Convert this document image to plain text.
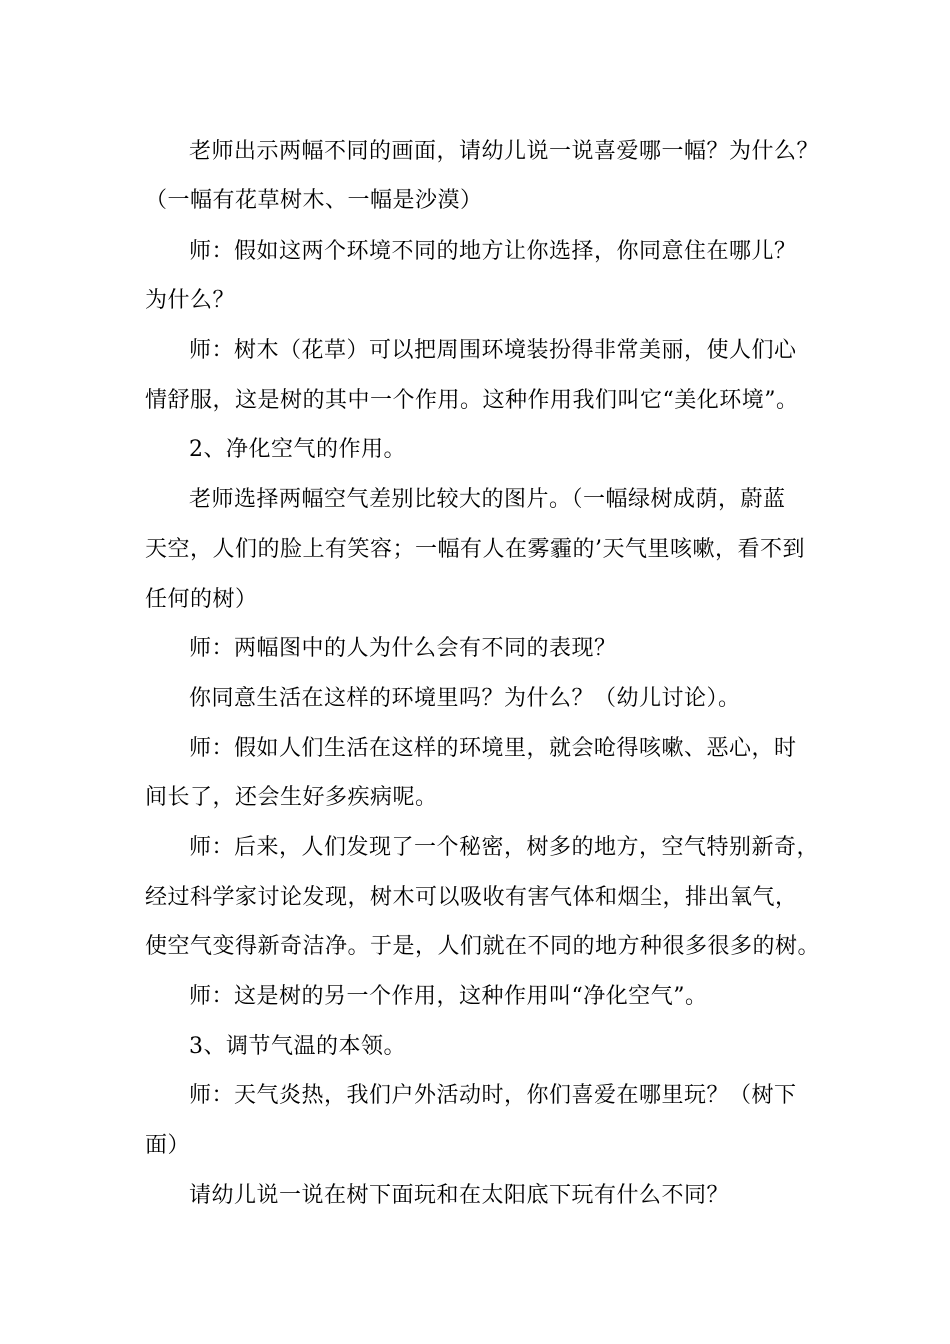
老师出示两幅不同的画面，请幼儿说一说喜爱哪一幅？为什么？
（一幅有花草树木、一幅是沙漠）
师：假如这两个环境不同的地方让你选择，你同意住在哪儿？
为什么？
师：树木（花草）可以把周围环境装扮得非常美丽，使人们心
情舒服，这是树的其中一个作用。这种作用我们叫它“美化环境”。
2、净化空气的作用。
老师选择两幅空气差别比较大的图片。（一幅绿树成荫，蔚蓝
天空，人们的脸上有笑容；一幅有人在雾霾的’天气里咳嗽，看不到
任何的树）
师：两幅图中的人为什么会有不同的表现？
你同意生活在这样的环境里吗？为什么？（幼儿讨论）。
师：假如人们生活在这样的环境里，就会呛得咳嗽、恶心，时
间长了，还会生好多疾病呢。
师：后来，人们发现了一个秘密，树多的地方，空气特别新奇，
经过科学家讨论发现，树木可以吸收有害气体和烟尘，排出氧气，
使空气变得新奇洁净。于是，人们就在不同的地方种很多很多的树。
师：这是树的另一个作用，这种作用叫“净化空气”。
3、调节气温的本领。
师：天气炎热，我们户外活动时，你们喜爱在哪里玩？（树下
面）
请幼儿说一说在树下面玩和在太阳底下玩有什么不同？
